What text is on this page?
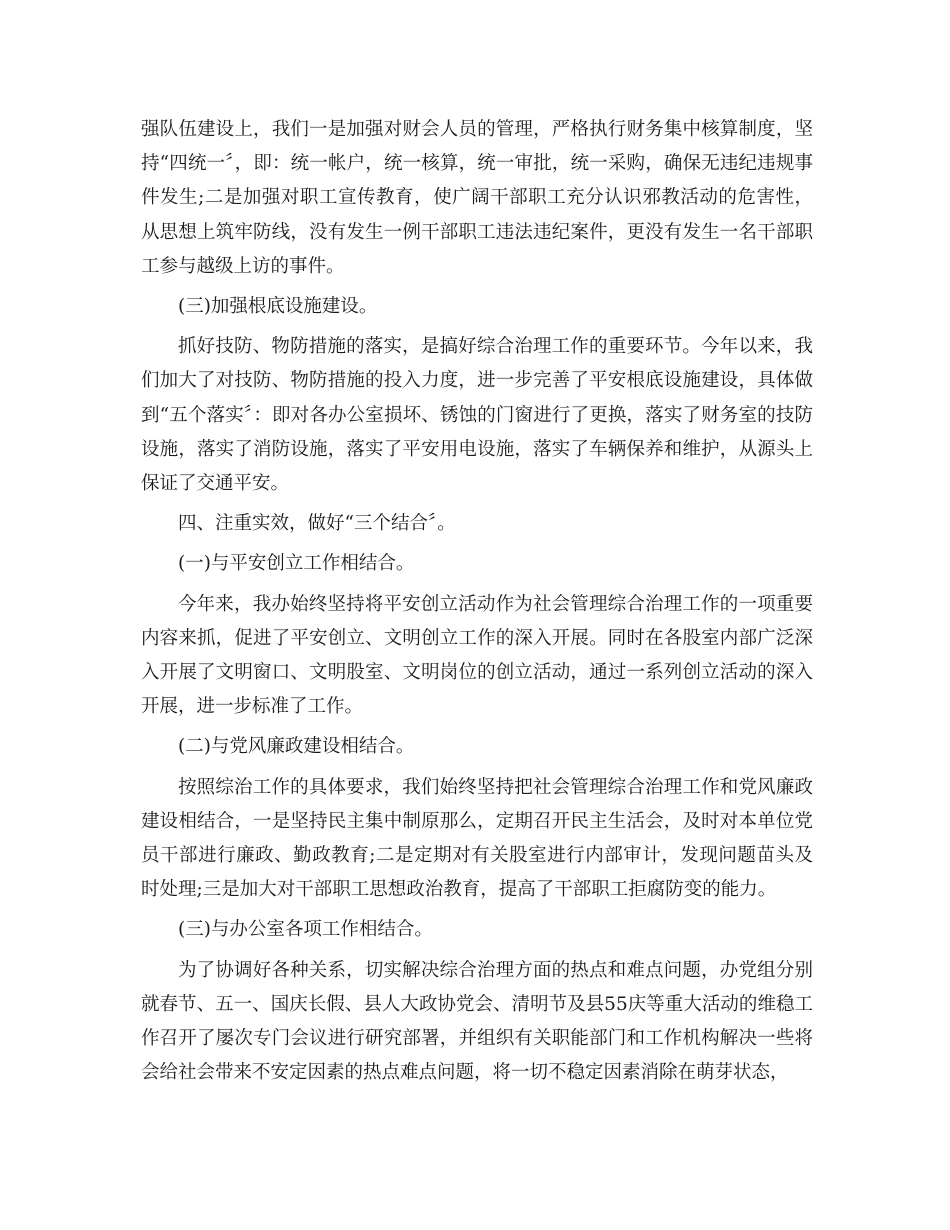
强队伍建设上，我们一是加强对财会人员的管理，严格执行财务集中核算制度，坚持“四统一〞，即：统一帐户，统一核算，统一审批，统一采购，确保无违纪违规事件发生;二是加强对职工宣传教育，使广阔干部职工充分认识邪教活动的危害性，从思想上筑牢防线，没有发生一例干部职工违法违纪案件，更没有发生一名干部职工参与越级上访的事件。

(三)加强根底设施建设。

抓好技防、物防措施的落实，是搞好综合治理工作的重要环节。今年以来，我们加大了对技防、物防措施的投入力度，进一步完善了平安根底设施建设，具体做到“五个落实〞：即对各办公室损坏、锈蚀的门窗进行了更换，落实了财务室的技防设施，落实了消防设施，落实了平安用电设施，落实了车辆保养和维护，从源头上保证了交通平安。

四、注重实效，做好“三个结合〞。

(一)与平安创立工作相结合。

今年来，我办始终坚持将平安创立活动作为社会管理综合治理工作的一项重要内容来抓，促进了平安创立、文明创立工作的深入开展。同时在各股室内部广泛深入开展了文明窗口、文明股室、文明岗位的创立活动，通过一系列创立活动的深入开展，进一步标准了工作。

(二)与党风廉政建设相结合。

按照综治工作的具体要求，我们始终坚持把社会管理综合治理工作和党风廉政建设相结合，一是坚持民主集中制原那么，定期召开民主生活会，及时对本单位党员干部进行廉政、勤政教育;二是定期对有关股室进行内部审计，发现问题苗头及时处理;三是加大对干部职工思想政治教育，提高了干部职工拒腐防变的能力。

(三)与办公室各项工作相结合。

为了协调好各种关系，切实解决综合治理方面的热点和难点问题，办党组分别就春节、五一、国庆长假、县人大政协党会、清明节及县55庆等重大活动的维稳工作召开了屡次专门会议进行研究部署，并组织有关职能部门和工作机构解决一些将会给社会带来不安定因素的热点难点问题，将一切不稳定因素消除在萌芽状态，
